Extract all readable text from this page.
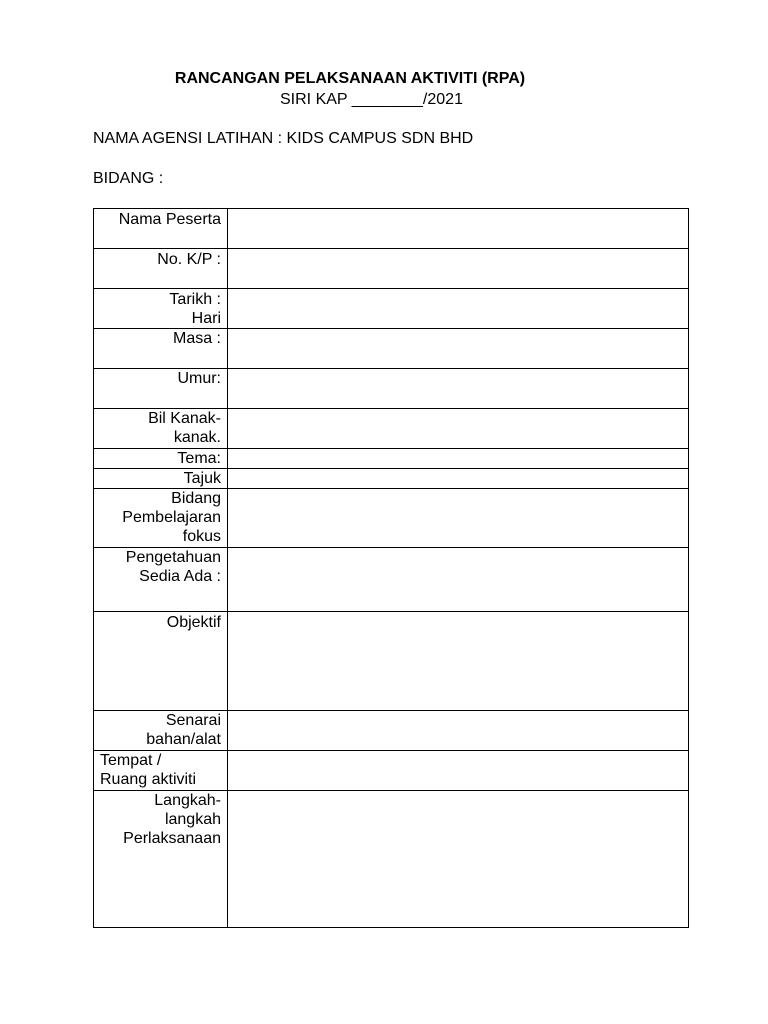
RANCANGAN PELAKSANAAN AKTIVITI (RPA)
SIRI KAP ________/2021
NAMA AGENSI LATIHAN : KIDS CAMPUS SDN BHD
BIDANG :
Nama Peserta	

No. K/P :	

Tarikh :
Hari	

Masa :	

Umur:	

Bil Kanak-
kanak.	

Tema:	

Tajuk	

Bidang
Pembelajaran
fokus	

Pengetahuan
Sedia Ada :	

Objektif	

Senarai
bahan/alat	

Tempat /
Ruang aktiviti	

Langkah-
langkah
Perlaksanaan	
